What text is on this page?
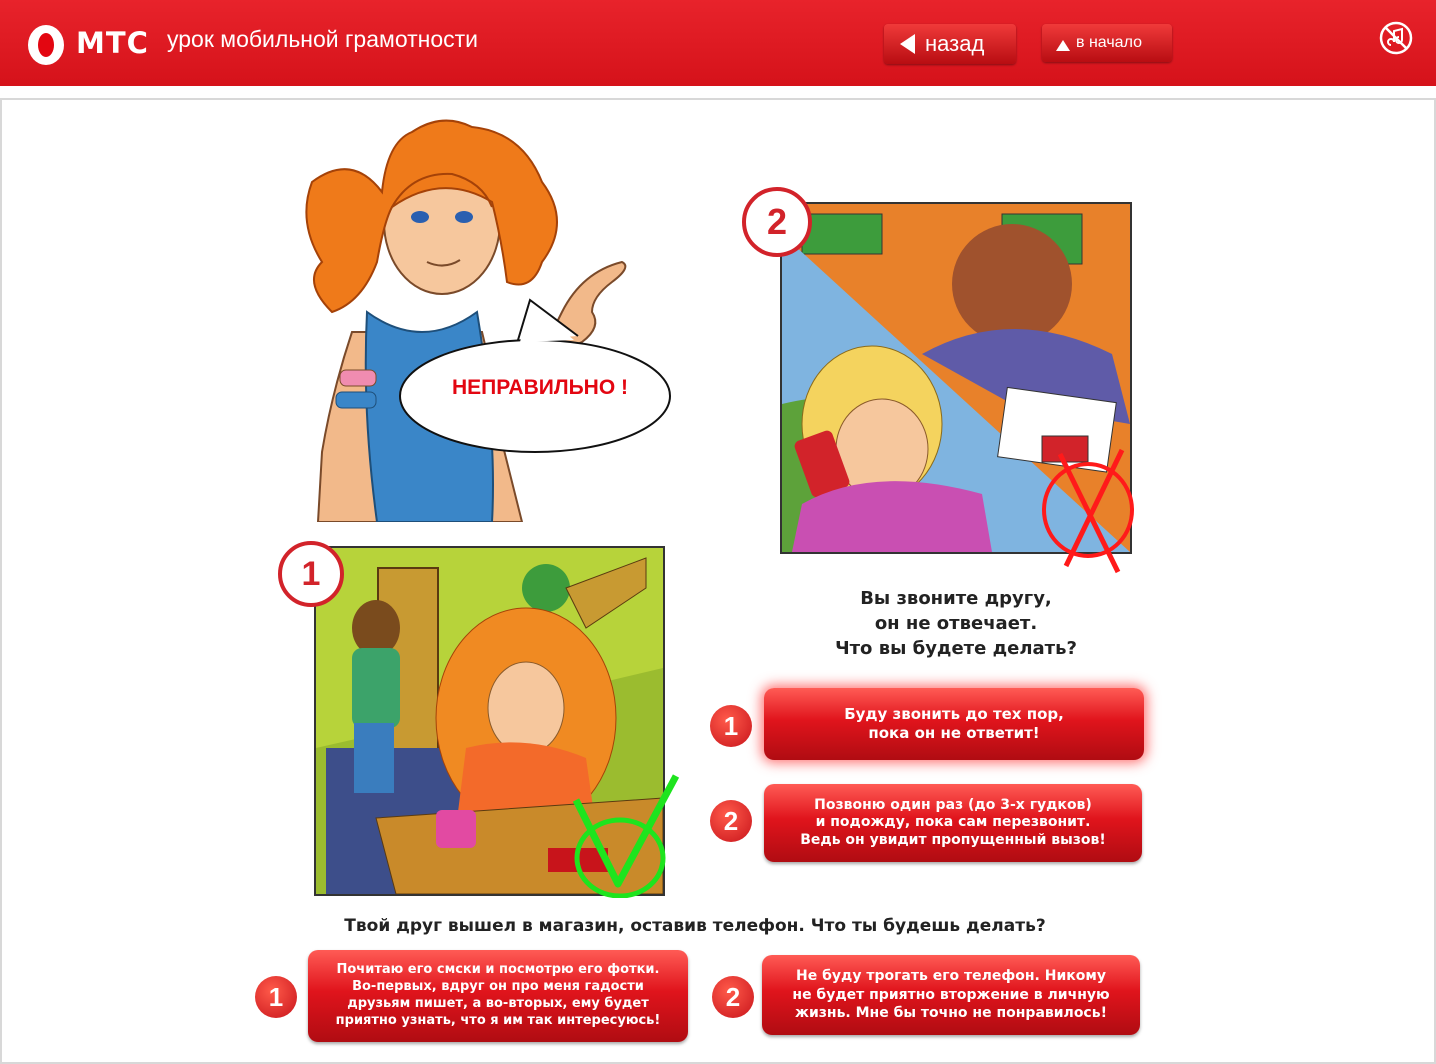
МТС урок мобильной грамотности	назад	в начало
НЕПРАВИЛЬНО !
2
1
Вы звоните другу,
он не отвечает.
Что вы будете делать?
1	Буду звонить до тех пор,
пока он не ответит!
2
Позвоню один раз (до 3-х гудков)
и подожду, пока сам перезвонит.
Ведь он увидит пропущенный вызов!
Твой друг вышел в магазин, оставив телефон. Что ты будешь делать?
1
Почитаю его смски и посмотрю его фотки.
Во-первых, вдруг он про меня гадости
друзьям пишет, а во-вторых, ему будет
приятно узнать, что я им так интересуюсь!
2
Не буду трогать его телефон. Никому
не будет приятно вторжение в личную
жизнь. Мне бы точно не понравилось!
